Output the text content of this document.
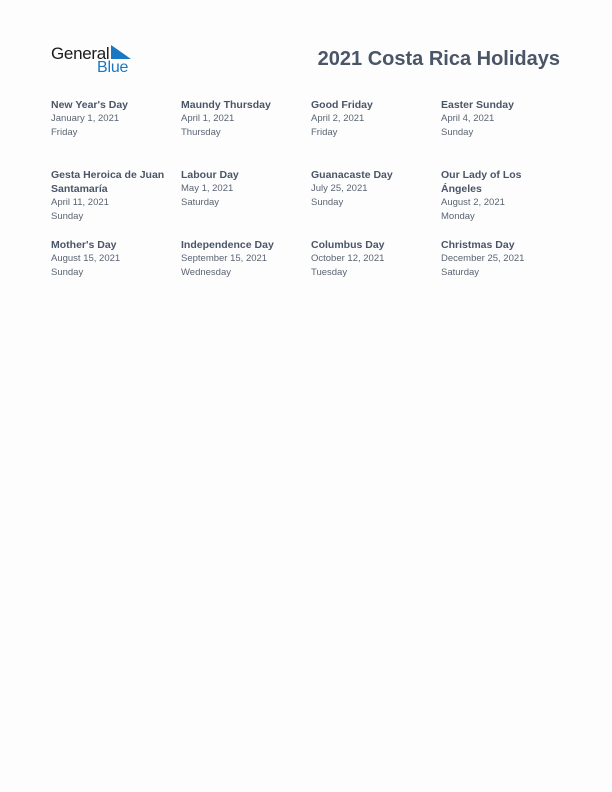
General
Blue	2021 Costa Rica Holidays
New Year's Day
January 1, 2021
Friday
Maundy Thursday
April 1, 2021
Thursday
Good Friday
April 2, 2021
Friday
Easter Sunday
April 4, 2021
Sunday
Gesta Heroica de Juan Santamaría
April 11, 2021
Sunday
Labour Day
May 1, 2021
Saturday
Guanacaste Day
July 25, 2021
Sunday
Our Lady of Los Ángeles
August 2, 2021
Monday
Mother's Day
August 15, 2021
Sunday
Independence Day
September 15, 2021
Wednesday
Columbus Day
October 12, 2021
Tuesday
Christmas Day
December 25, 2021
Saturday
